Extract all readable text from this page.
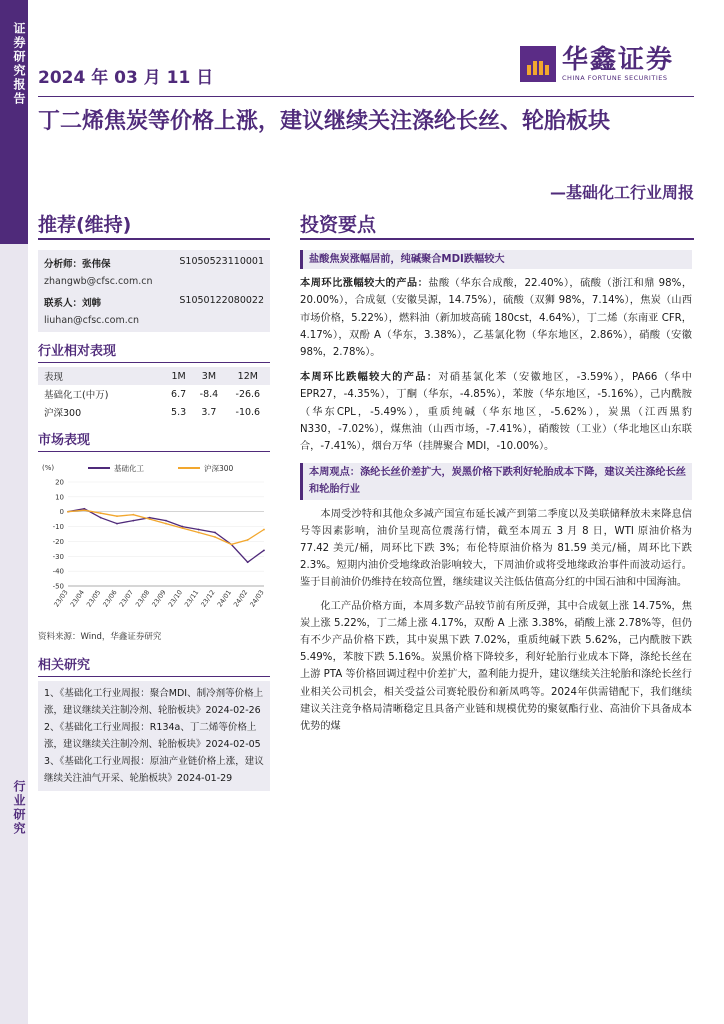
证券研究报告
行业研究
2024 年 03 月 11 日
华鑫证券
CHINA FORTUNE SECURITIES
丁二烯焦炭等价格上涨，建议继续关注涤纶长丝、轮胎板块
—基础化工行业周报
推荐(维持)	投资要点
分析师：张伟保	S1050523110001
zhangwb@cfsc.com.cn
联系人：刘韩	S1050122080022
liuhan@cfsc.com.cn
行业相对表现
表现	1M	3M	12M
基础化工(中万)	6.7	-8.4	-26.6
沪深300	5.3	3.7	-10.6
市场表现
(%)
20
10
0
-10
-20
-30
-40
-50
23/03 23/04 23/05 23/06 23/07 23/08 23/09 23/10 23/11 23/12 24/01 24/02 24/03
基础化工	沪深300
资料来源：Wind，华鑫证券研究
相关研究
1、《基础化工行业周报：聚合MDI、制冷剂等价格上涨，建议继续关注制冷剂、轮胎板块》2024-02-26
2、《基础化工行业周报：R134a、丁二烯等价格上涨，建议继续关注制冷剂、轮胎板块》2024-02-05
3、《基础化工行业周报：原油产业链价格上涨，建议继续关注油气开采、轮胎板块》2024-01-29
盐酸焦炭涨幅居前，纯碱聚合MDI跌幅较大
本周环比涨幅较大的产品：盐酸（华东合成酸，22.40%），硫酸（浙江和鼎 98%，20.00%），合成氨（安徽昊源，14.75%），硫酸（双狮 98%，7.14%），焦炭（山西市场价格，5.22%），燃料油（新加坡高硫 180cst，4.64%），丁二烯（东南亚 CFR，4.17%），双酚 A（华东，3.38%），乙基氯化物（华东地区，2.86%），硝酸（安徽98%，2.78%）。
本周环比跌幅较大的产品：对硝基氯化苯（安徽地区，-3.59%），PA66（华中 EPR27，-4.35%），丁酮（华东，-4.85%），苯胺（华东地区，-5.16%），己内酰胺（华东CPL，-5.49%），重质纯碱（华东地区，-5.62%），炭黑（江西黑豹 N330，-7.02%），煤焦油（山西市场，-7.41%），硝酸铵（工业）（华北地区山东联合，-7.41%），烟台万华（挂牌聚合 MDI，-10.00%）。
本周观点：涤纶长丝价差扩大，炭黑价格下跌利好轮胎成本下降，建议关注涤纶长丝和轮胎行业
本周受沙特和其他众多减产国宣布延长减产到第二季度以及美联储释放未来降息信号等因素影响，油价呈现高位震荡行情，截至本周五 3 月 8 日，WTI 原油价格为 77.42 美元/桶，周环比下跌 3%；布伦特原油价格为 81.59 美元/桶，周环比下跌 2.3%。短期内油价受地缘政治影响较大，下周油价或将受地缘政治事件而波动运行。鉴于目前油价仍维持在较高位置，继续建议关注低估值高分红的中国石油和中国海油。
化工产品价格方面，本周多数产品较节前有所反弹，其中合成氨上涨 14.75%，焦炭上涨 5.22%，丁二烯上涨 4.17%，双酚 A 上涨 3.38%，硝酸上涨 2.78%等，但仍有不少产品价格下跌，其中炭黑下跌 7.02%，重质纯碱下跌 5.62%，己内酰胺下跌 5.49%，苯胺下跌 5.16%。炭黑价格下降较多，利好轮胎行业成本下降，涤纶长丝在上游 PTA 等价格回调过程中价差扩大，盈利能力提升，建议继续关注轮胎和涤纶长丝行业相关公司机会，相关受益公司赛轮股份和新凤鸣等。2024年供需错配下，我们继续建议关注竞争格局清晰稳定且具备产业链和规模优势的聚氨酯行业、高油价下具备成本优势的煤
